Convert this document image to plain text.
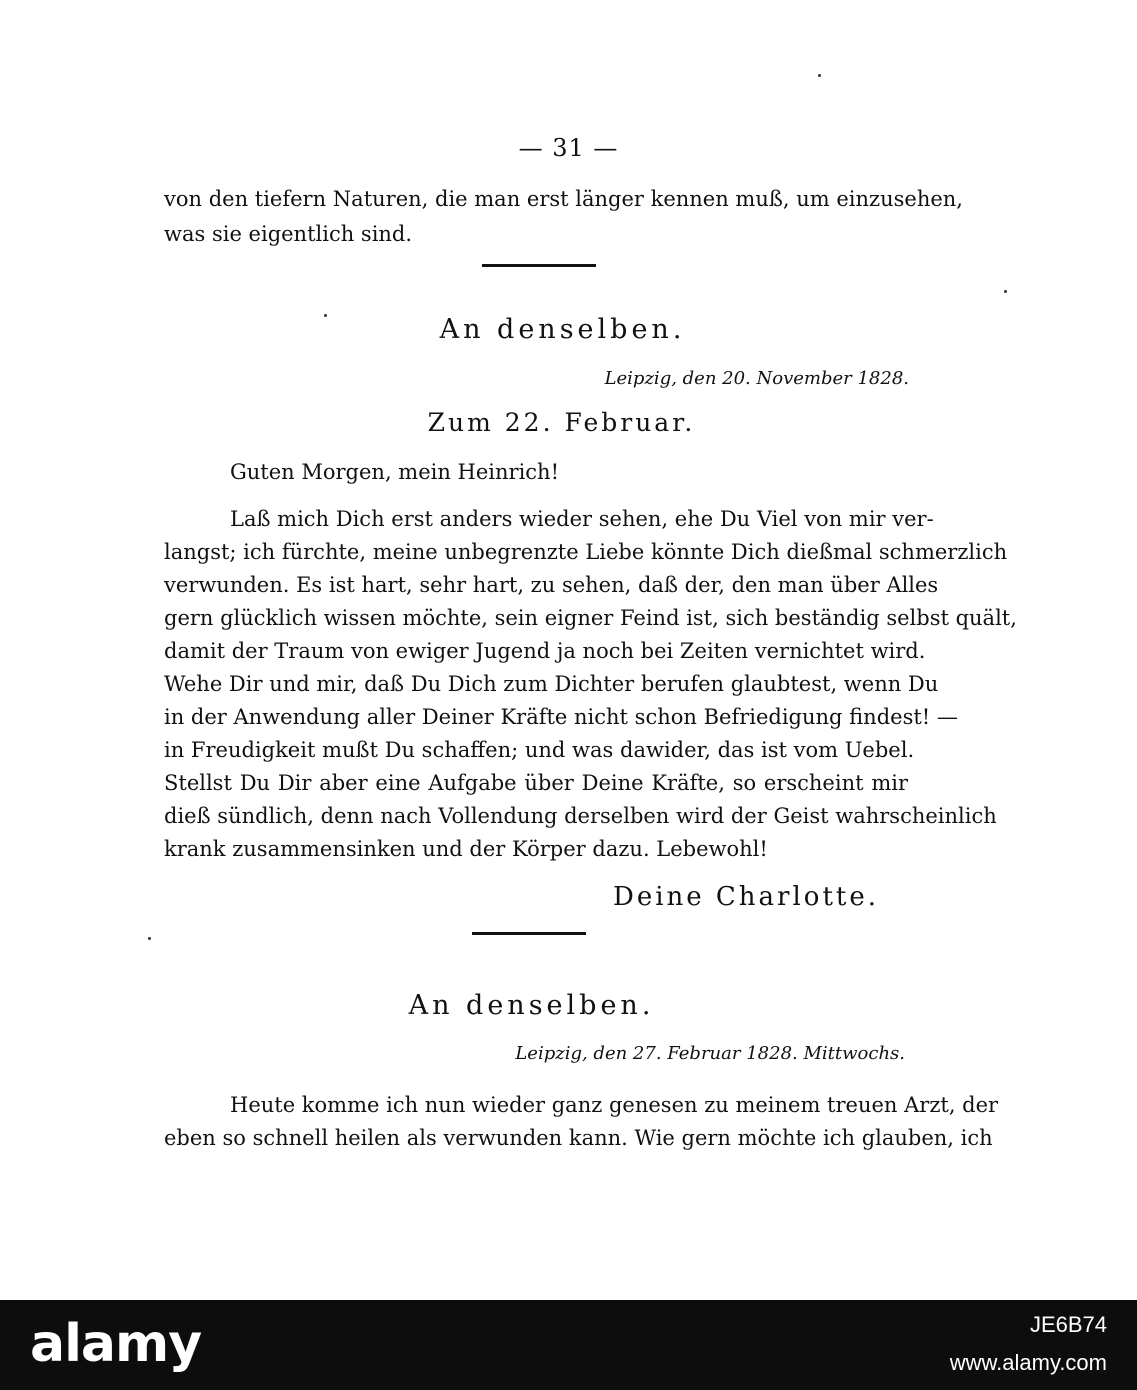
— 31 —
von den tiefern Naturen, die man erst länger kennen muß, um einzusehen,
was sie eigentlich sind.
An denselben.
Leipzig, den 20. November 1828.
Zum 22. Februar.
Guten Morgen, mein Heinrich!
Laß mich Dich erst anders wieder sehen, ehe Du Viel von mir ver-
langst; ich fürchte, meine unbegrenzte Liebe könnte Dich dießmal schmerzlich
verwunden. Es ist hart, sehr hart, zu sehen, daß der, den man über Alles
gern glücklich wissen möchte, sein eigner Feind ist, sich beständig selbst quält,
damit der Traum von ewiger Jugend ja noch bei Zeiten vernichtet wird.
Wehe Dir und mir, daß Du Dich zum Dichter berufen glaubtest, wenn Du
in der Anwendung aller Deiner Kräfte nicht schon Befriedigung findest! —
in Freudigkeit mußt Du schaffen; und was dawider, das ist vom Uebel.
Stellst Du Dir aber eine Aufgabe über Deine Kräfte, so erscheint mir
dieß sündlich, denn nach Vollendung derselben wird der Geist wahrscheinlich
krank zusammensinken und der Körper dazu. Lebewohl!
Deine Charlotte.
An denselben.
Leipzig, den 27. Februar 1828. Mittwochs.
Heute komme ich nun wieder ganz genesen zu meinem treuen Arzt, der
eben so schnell heilen als verwunden kann. Wie gern möchte ich glauben, ich
alamy	JE6B74
www.alamy.com
